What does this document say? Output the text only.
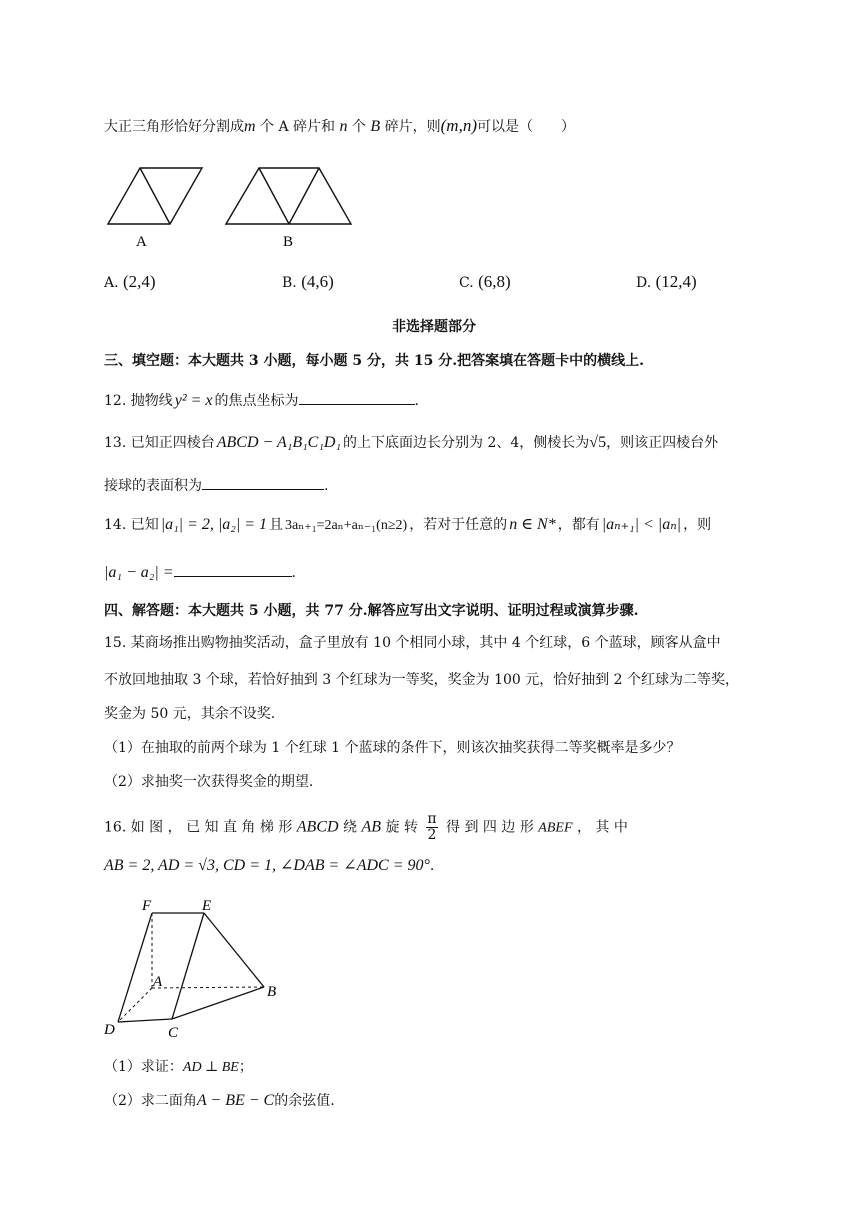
大正三角形恰好分割成m 个 A 碎片和 n 个 B 碎片，则(m,n)可以是（　　）
A	B
A. (2,4)	B. (4,6)	C. (6,8)	D. (12,4)
非选择题部分
三、填空题：本大题共 3 小题，每小题 5 分，共 15 分.把答案填在答题卡中的横线上.
12. 抛物线 y² = x 的焦点坐标为	.
13. 已知正四棱台 ABCD − A₁B₁C₁D₁ 的上下底面边长分别为 2、4，侧棱长为√5，则该正四棱台外
接球的表面积为	.
14. 已知 |a₁| = 2, |a₂| = 1 且 3aₙ₊₁=2aₙ+aₙ₋₁(n≥2) ，若对于任意的 n ∈ N* ，都有 |aₙ₊₁| < |aₙ| ，则
|a₁ − a₂| =	.
四、解答题：本大题共 5 小题，共 77 分.解答应写出文字说明、证明过程或演算步骤.
15. 某商场推出购物抽奖活动，盒子里放有 10 个相同小球，其中 4 个红球，6 个蓝球，顾客从盒中
不放回地抽取 3 个球，若恰好抽到 3 个红球为一等奖，奖金为 100 元，恰好抽到 2 个红球为二等奖，
奖金为 50 元，其余不设奖.
（1）在抽取的前两个球为 1 个红球 1 个蓝球的条件下，则该次抽奖获得二等奖概率是多少？
（2）求抽奖一次获得奖金的期望.
16. 如 图 ， 已 知 直 角 梯 形 ABCD 绕 AB 旋 转 $\frac{\pi}{2}$ 得 到 四 边 形 ABEF ， 其 中
AB = 2, AD = √3, CD = 1, ∠DAB = ∠ADC = 90°.
F	E
A
B
D	C
（1）求证：AD ⊥ BE；
（2）求二面角A − BE − C的余弦值.
